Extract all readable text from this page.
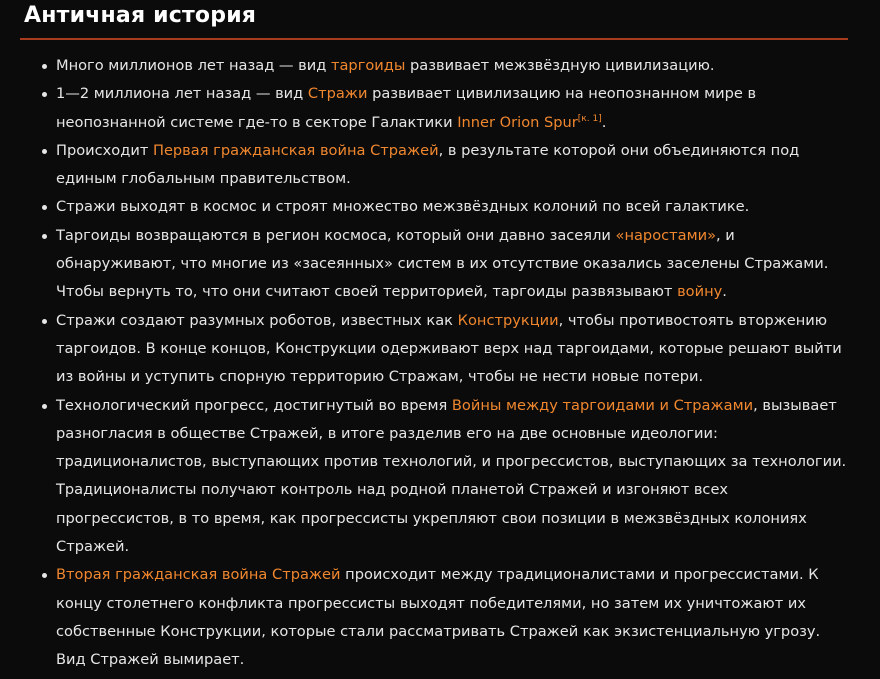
Античная история
Много миллионов лет назад — вид таргоиды развивает межзвёздную цивилизацию.
1—2 миллиона лет назад — вид Стражи развивает цивилизацию на неопознанном мире в неопознанной системе где-то в секторе Галактики Inner Orion Spur[к. 1].
Происходит Первая гражданская война Стражей, в результате которой они объединяются под единым глобальным правительством.
Стражи выходят в космос и строят множество межзвёздных колоний по всей галактике.
Таргоиды возвращаются в регион космоса, который они давно засеяли «наростами», и обнаруживают, что многие из «засеянных» систем в их отсутствие оказались заселены Стражами. Чтобы вернуть то, что они считают своей территорией, таргоиды развязывают войну.
Стражи создают разумных роботов, известных как Конструкции, чтобы противостоять вторжению таргоидов. В конце концов, Конструкции одерживают верх над таргоидами, которые решают выйти из войны и уступить спорную территорию Стражам, чтобы не нести новые потери.
Технологический прогресс, достигнутый во время Войны между таргоидами и Стражами, вызывает разногласия в обществе Стражей, в итоге разделив его на две основные идеологии: традиционалистов, выступающих против технологий, и прогрессистов, выступающих за технологии. Традиционалисты получают контроль над родной планетой Стражей и изгоняют всех прогрессистов, в то время, как прогрессисты укрепляют свои позиции в межзвёздных колониях Стражей.
Вторая гражданская война Стражей происходит между традиционалистами и прогрессистами. К концу столетнего конфликта прогрессисты выходят победителями, но затем их уничтожают их собственные Конструкции, которые стали рассматривать Стражей как экзистенциальную угрозу. Вид Стражей вымирает.
